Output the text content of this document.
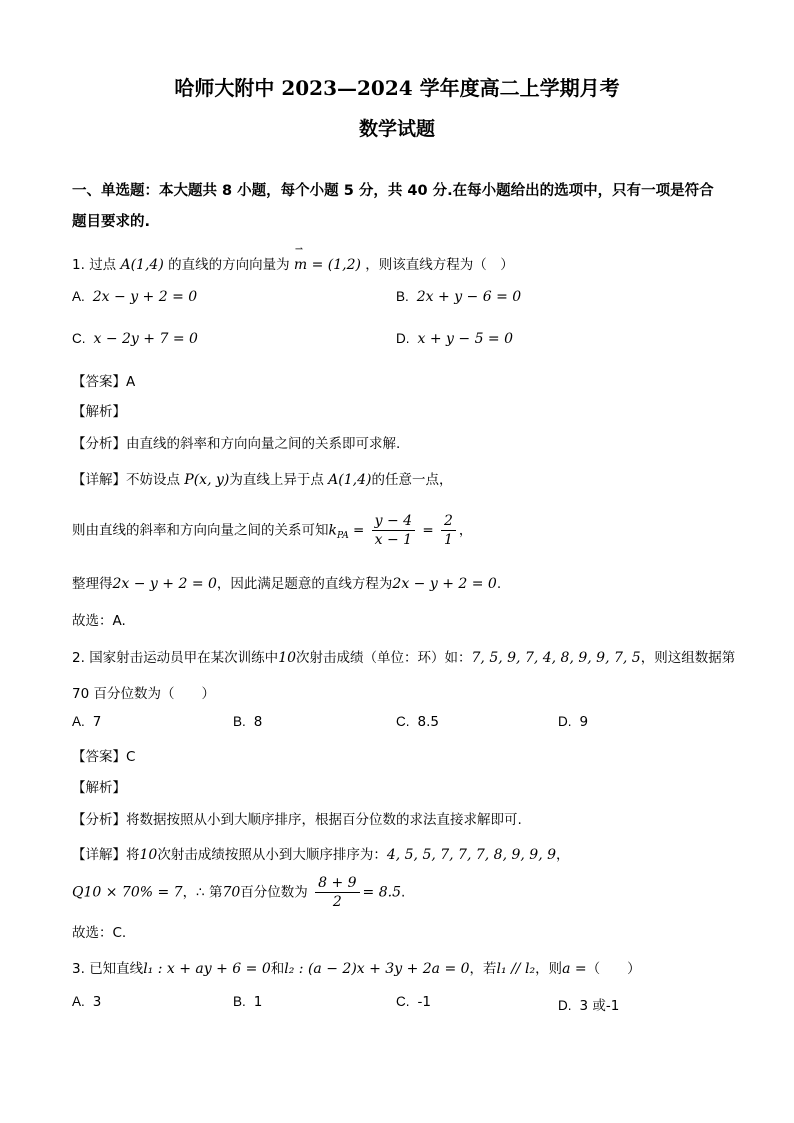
哈师大附中 2023—2024 学年度高二上学期月考
数学试题
一、单选题：本大题共 8 小题，每个小题 5 分，共 40 分.在每小题给出的选项中，只有一项是符合题目要求的.
1. 过点 A(1,4) 的直线的方向向量为 ⇀ m = (1,2) ，则该直线方程为（　）
A. 2x − y + 2 = 0	B. 2x + y − 6 = 0
C. x − 2y + 7 = 0	D. x + y − 5 = 0
【答案】A
【解析】
【分析】由直线的斜率和方向向量之间的关系即可求解.
【详解】不妨设点 P(x, y)为直线上异于点 A(1,4)的任意一点，
则由直线的斜率和方向向量之间的关系可知$k_{PA} = \frac{y - 4}{x - 1} = \frac{2}{1}$ ，
整理得2x − y + 2 = 0，因此满足题意的直线方程为2x − y + 2 = 0.
故选：A.
2. 国家射击运动员甲在某次训练中10次射击成绩（单位：环）如：7, 5, 9, 7, 4, 8, 9, 9, 7, 5，则这组数据第
70 百分位数为（　　）
A. 7	B. 8	C. 8.5	D. 9
【答案】C
【解析】
【分析】将数据按照从小到大顺序排序，根据百分位数的求法直接求解即可.
【详解】将10次射击成绩按照从小到大顺序排序为：4, 5, 5, 7, 7, 7, 8, 9, 9, 9，
Q10 × 70% = 7，∴ 第70百分位数为 $\frac{8 + 9}{2} = 8.5$.
故选：C.
3. 已知直线l₁ : x + ay + 6 = 0和l₂ : (a − 2)x + 3y + 2a = 0，若l₁ // l₂，则a =（　　）
A. 3	B. 1	C. -1	D. 3 或-1
